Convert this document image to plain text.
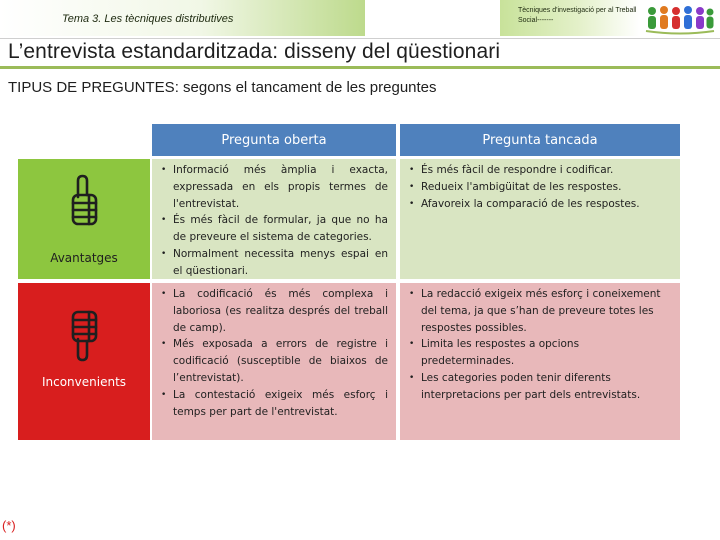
Tema 3. Les tècniques distributives
Tècniques d'investigació per al Treball Social-------
L’entrevista estandarditzada: disseny del qüestionari
TIPUS DE PREGUNTES: segons el tancament de les preguntes
Pregunta oberta	Pregunta tancada
Avantatges
• Informació més àmplia i exacta, expressada en els propis termes de l'entrevistat.
• És més fàcil de formular, ja que no ha de preveure el sistema de categories.
• Normalment necessita menys espai en el qüestionari.
• És més fàcil de respondre i codificar.
• Redueix l'ambigüitat de les respostes.
• Afavoreix la comparació de les respostes.
Inconvenients
• La codificació és més complexa i laboriosa (es realitza després del treball de camp).
• Més exposada a errors de registre i codificació (susceptible de biaixos de l’entrevistat).
• La contestació exigeix més esforç i temps per part de l'entrevistat.
• La redacció exigeix més esforç i coneixement del tema, ja que s’han de preveure totes les respostes possibles.
• Limita les respostes a opcions predeterminades.
• Les categories poden tenir diferents interpretacions per part dels entrevistats.
(*)
